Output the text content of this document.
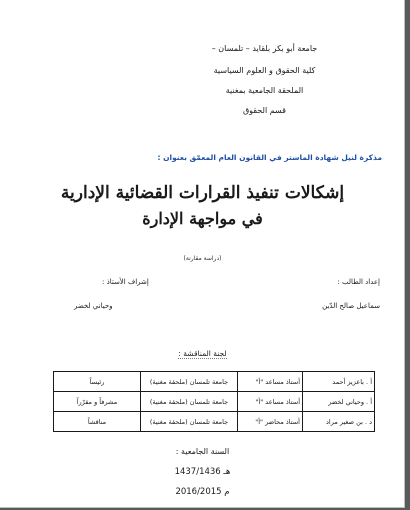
جامعة أبو بكر بلقايد – تلمسان –
كلية الحقوق و العلوم السياسية
الملحقة الجامعية بمغنية
قسم الحقوق
مذكرة لنيل شهادة الماستر في القانون العام المعمّق بعنوان :
إشكالات تنفيذ القرارات القضائية الإدارية
في مواجهة الإدارة
(دراسة مقارنة)
إعداد الطالب :
إشراف الأستاذ :
سماعيل صالح الدّين
وحياني لخضر
لجنة المناقشة :
أ . باعزيز أحمد	أستاذ مساعد "أ"	جامعة تلمسان (ملحقة مغنية)	رئيساً
أ . وحياني لخضر	أستاذ مساعد "أ"	جامعة تلمسان (ملحقة مغنية)	مشرفاً و مقرّراً
د . بن صغير مراد	أستاذ محاضر "أ"	جامعة تلمسان (ملحقة مغنية)	مناقشاً
السنة الجامعية :
1437/1436 هـ
2016/2015 م
